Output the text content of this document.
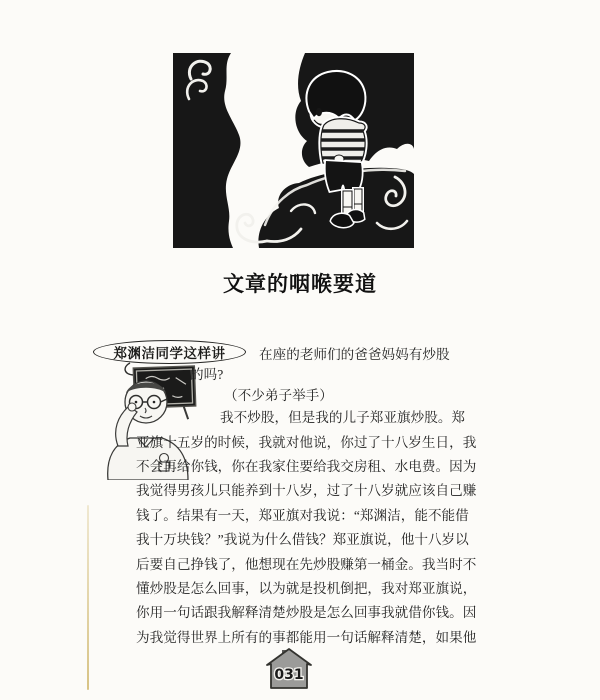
文章的咽喉要道
郑渊洁同学这样讲 在座的老师们的爸爸妈妈有炒股
的吗?
（不少弟子举手）
我不炒股，但是我的儿子郑亚旗炒股。郑
亚旗十五岁的时候，我就对他说，你过了十八岁生日，我
不会再给你钱，你在我家住要给我交房租、水电费。因为
我觉得男孩儿只能养到十八岁，过了十八岁就应该自己赚
钱了。结果有一天，郑亚旗对我说：“郑渊洁，能不能借
我十万块钱？”我说为什么借钱？郑亚旗说，他十八岁以
后要自己挣钱了，他想现在先炒股赚第一桶金。我当时不
懂炒股是怎么回事，以为就是投机倒把，我对郑亚旗说，
你用一句话跟我解释清楚炒股是怎么回事我就借你钱。因
为我觉得世界上所有的事都能用一句话解释清楚，如果他
031
